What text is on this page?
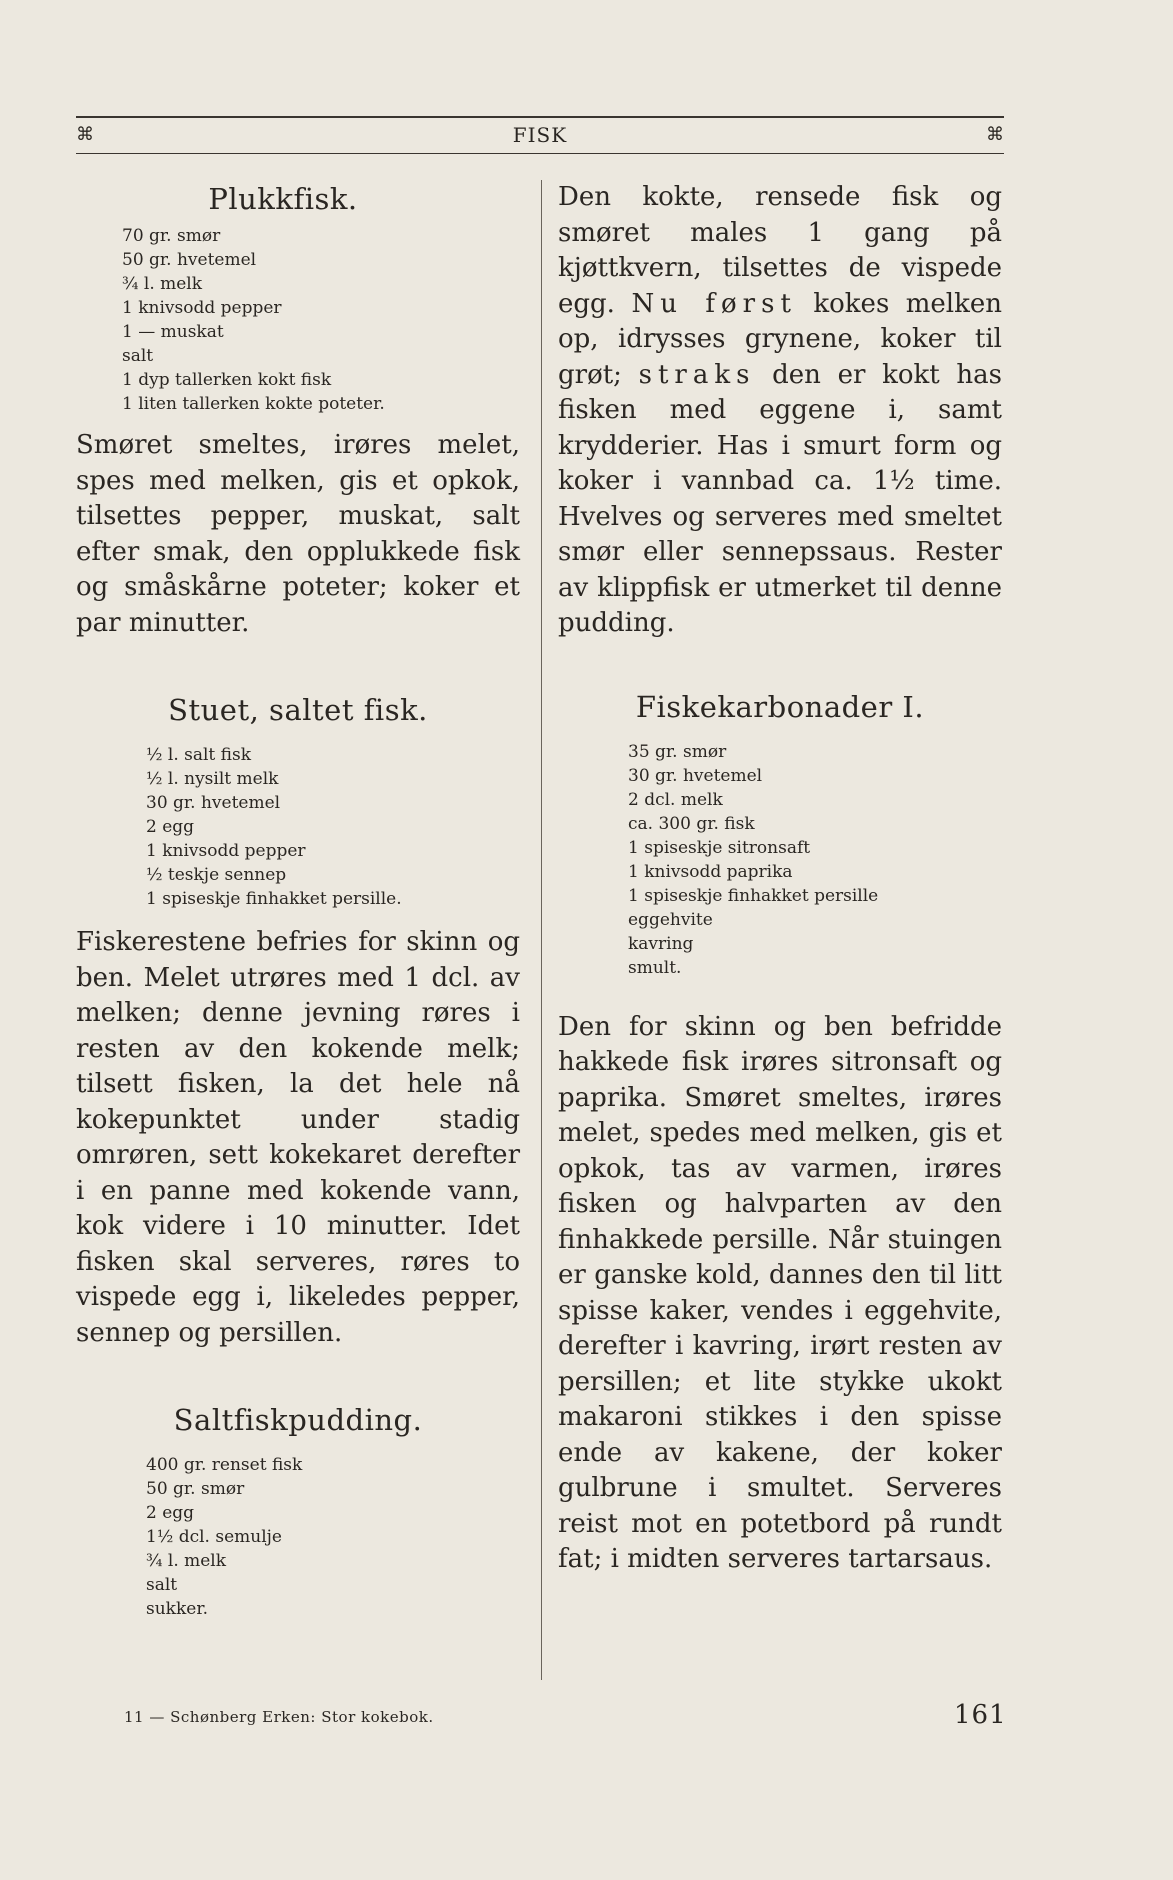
⌘	FISK	⌘
Plukkfisk.
70 gr. smør
50 gr. hvetemel
¾ l. melk
1 knivsodd pepper
1 — muskat
salt
1 dyp tallerken kokt fisk
1 liten tallerken kokte poteter.

Smøret smeltes, irøres melet, spes med melken, gis et opkok, tilsettes pepper, muskat, salt efter smak, den opplukkede fisk og småskårne poteter; koker et par minutter.

Stuet, saltet fisk.
½ l. salt fisk
½ l. nysilt melk
30 gr. hvetemel
2 egg
1 knivsodd pepper
½ teskje sennep
1 spiseskje finhakket persille.

Fiskerestene befries for skinn og ben. Melet utrøres med 1 dcl. av melken; denne jevning røres i resten av den kokende melk; tilsett fisken, la det hele nå kokepunktet under stadig omrøren, sett kokekaret derefter i en panne med kokende vann, kok videre i 10 minutter. Idet fisken skal serveres, røres to vispede egg i, likeledes pepper, sennep og persillen.

Saltfiskpudding.
400 gr. renset fisk
50 gr. smør
2 egg
1½ dcl. semulje
¾ l. melk
salt
sukker.

Den kokte, rensede fisk og smøret males 1 gang på kjøttkvern, tilsettes de vispede egg. Nu først kokes melken op, idrysses grynene, koker til grøt; straks den er kokt has fisken med eggene i, samt krydderier. Has i smurt form og koker i vannbad ca. 1½ time. Hvelves og serveres med smeltet smør eller sennepssaus. Rester av klippfisk er utmerket til denne pudding.

Fiskekarbonader I.
35 gr. smør
30 gr. hvetemel
2 dcl. melk
ca. 300 gr. fisk
1 spiseskje sitronsaft
1 knivsodd paprika
1 spiseskje finhakket persille
eggehvite
kavring
smult.

Den for skinn og ben befridde hakkede fisk irøres sitronsaft og paprika. Smøret smeltes, irøres melet, spedes med melken, gis et opkok, tas av varmen, irøres fisken og halvparten av den finhakkede persille. Når stuingen er ganske kold, dannes den til litt spisse kaker, vendes i eggehvite, derefter i kavring, irørt resten av persillen; et lite stykke ukokt makaroni stikkes i den spisse ende av kakene, der koker gulbrune i smultet. Serveres reist mot en potetbord på rundt fat; i midten serveres tartarsaus.

11 — Schønberg Erken: Stor kokebok.	161
